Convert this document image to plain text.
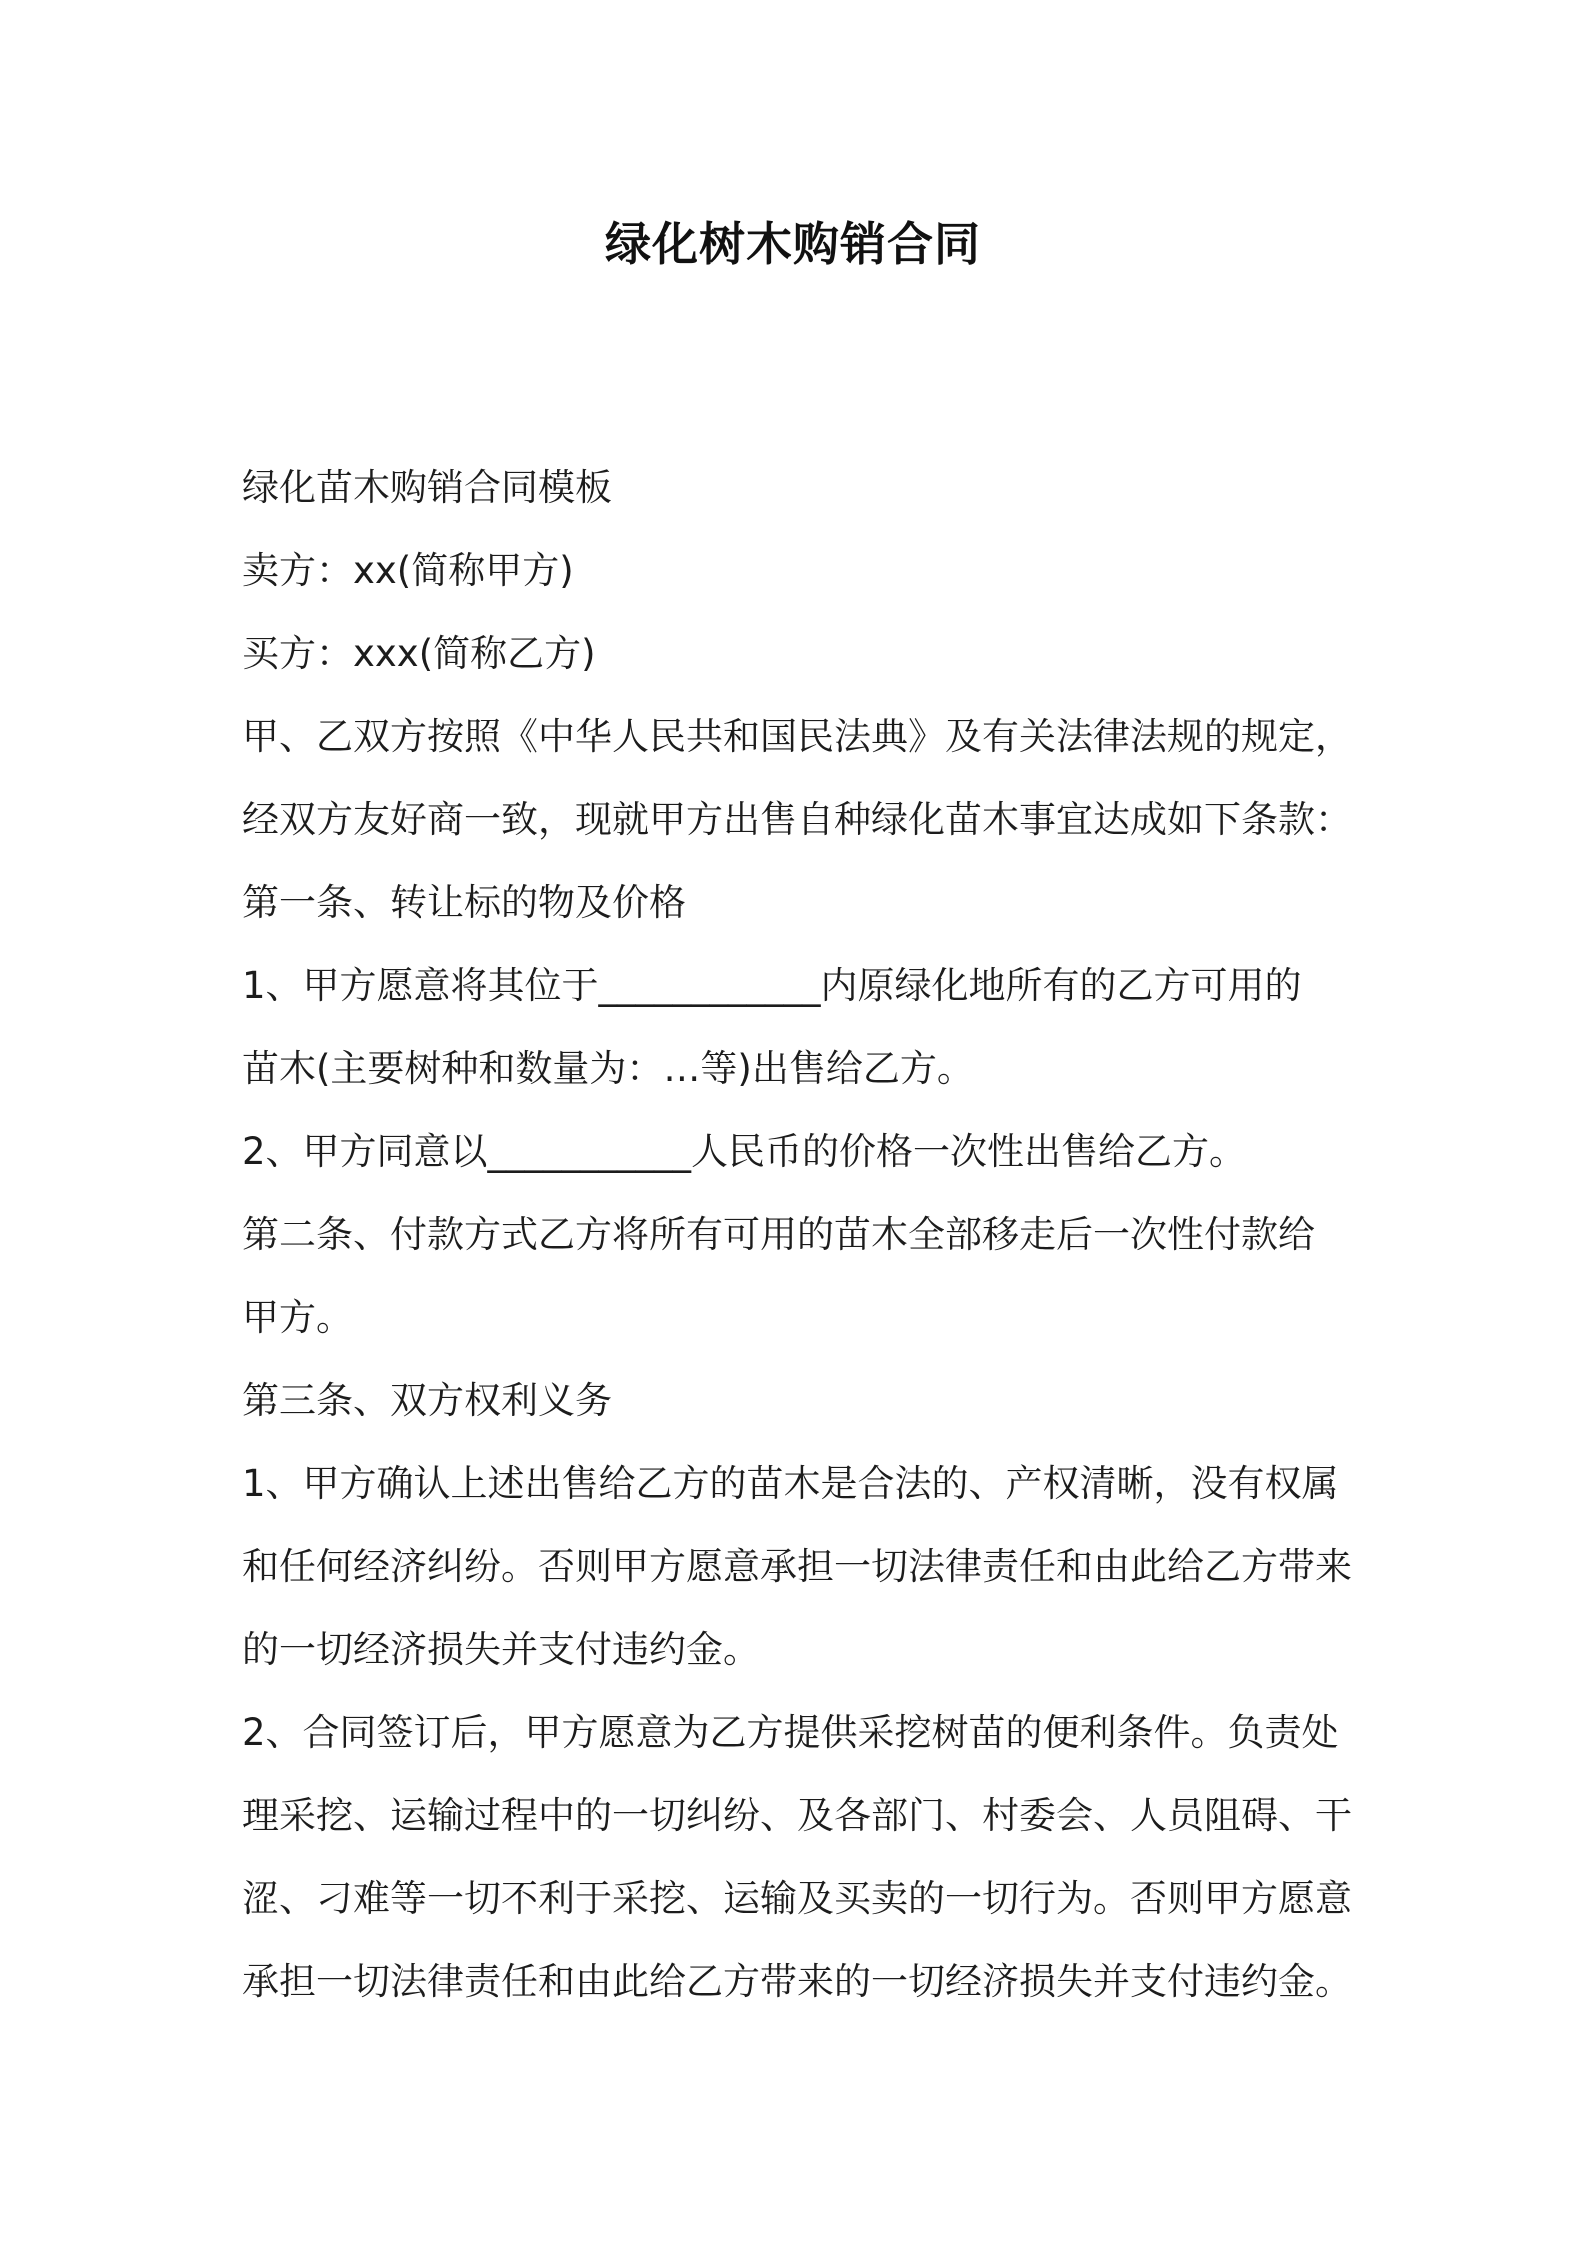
绿化树木购销合同

绿化苗木购销合同模板

卖方：xx(简称甲方)

买方：xxx(简称乙方)

甲、乙双方按照《中华人民共和国民法典》及有关法律法规的规定，

经双方友好商一致，现就甲方出售自种绿化苗木事宜达成如下条款：

第一条、转让标的物及价格

1、甲方愿意将其位于____________内原绿化地所有的乙方可用的

苗木(主要树种和数量为：…等)出售给乙方。

2、甲方同意以___________人民币的价格一次性出售给乙方。

第二条、付款方式乙方将所有可用的苗木全部移走后一次性付款给

甲方。

第三条、双方权利义务

1、甲方确认上述出售给乙方的苗木是合法的、产权清晰，没有权属

和任何经济纠纷。否则甲方愿意承担一切法律责任和由此给乙方带来

的一切经济损失并支付违约金。

2、合同签订后，甲方愿意为乙方提供采挖树苗的便利条件。负责处

理采挖、运输过程中的一切纠纷、及各部门、村委会、人员阻碍、干

涩、刁难等一切不利于采挖、运输及买卖的一切行为。否则甲方愿意

承担一切法律责任和由此给乙方带来的一切经济损失并支付违约金。
